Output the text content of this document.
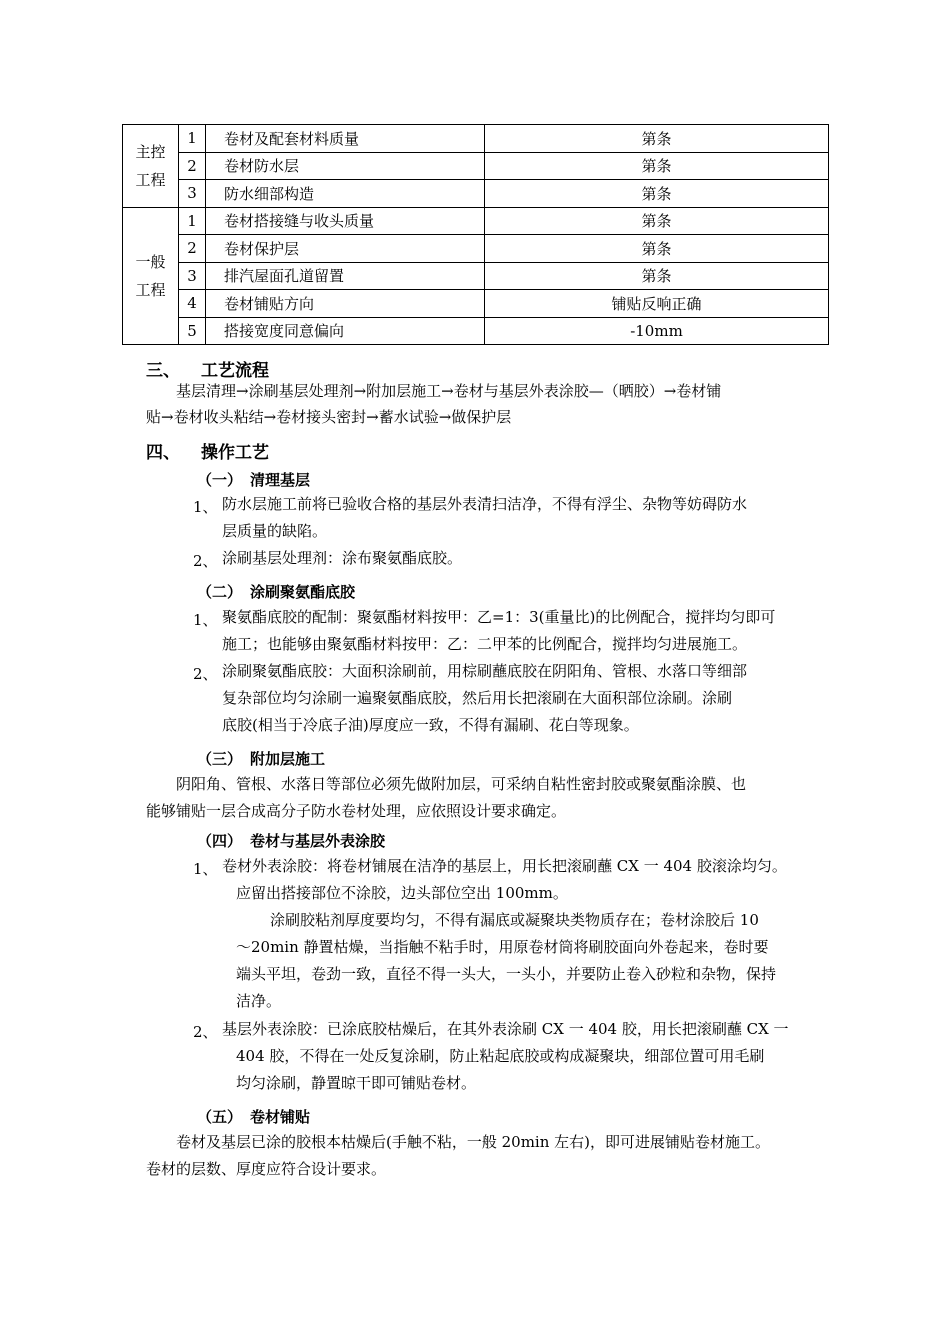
主控
工程	1	卷材及配套材料质量	第条
	2	卷材防水层	第条
	3	防水细部构造	第条
一般
工程	1	卷材搭接缝与收头质量	第条
	2	卷材保护层	第条
	3	排汽屋面孔道留置	第条
	4	卷材铺贴方向	铺贴反响正确
	5	搭接宽度同意偏向	-10mm
三、 工艺流程
基层清理→涂刷基层处理剂→附加层施工→卷材与基层外表涂胶—（晒胶）→卷材铺
贴→卷材收头粘结→卷材接头密封→蓄水试验→做保护层
四、 操作工艺
（一） 清理基层
1、 防水层施工前将已验收合格的基层外表清扫洁净，不得有浮尘、杂物等妨碍防水
层质量的缺陷。
2、 涂刷基层处理剂：涂布聚氨酯底胶。
（二） 涂刷聚氨酯底胶
1、 聚氨酯底胶的配制：聚氨酯材料按甲：乙=1：3(重量比)的比例配合，搅拌均匀即可
施工；也能够由聚氨酯材料按甲：乙：二甲苯的比例配合，搅拌均匀进展施工。
2、 涂刷聚氨酯底胶：大面积涂刷前，用棕刷蘸底胶在阴阳角、管根、水落口等细部
复杂部位均匀涂刷一遍聚氨酯底胶，然后用长把滚刷在大面积部位涂刷。涂刷
底胶(相当于冷底子油)厚度应一致，不得有漏刷、花白等现象。
（三） 附加层施工
阴阳角、管根、水落日等部位必须先做附加层，可采纳自粘性密封胶或聚氨酯涂膜、也
能够铺贴一层合成高分子防水卷材处理，应依照设计要求确定。
（四） 卷材与基层外表涂胶
1、 卷材外表涂胶：将卷材铺展在洁净的基层上，用长把滚刷蘸 CX 一 404 胶滚涂均匀。
应留出搭接部位不涂胶，边头部位空出 100mm。
涂刷胶粘剂厚度要均匀，不得有漏底或凝聚块类物质存在；卷材涂胶后 10
～20min 静置枯燥，当指触不粘手时，用原卷材筒将刷胶面向外卷起来，卷时要
端头平坦，卷劲一致，直径不得一头大，一头小，并要防止卷入砂粒和杂物，保持
洁净。
2、 基层外表涂胶：已涂底胶枯燥后，在其外表涂刷 CX 一 404 胶，用长把滚刷蘸 CX 一
404 胶，不得在一处反复涂刷，防止粘起底胶或构成凝聚块，细部位置可用毛刷
均匀涂刷，静置晾干即可铺贴卷材。
（五） 卷材铺贴
卷材及基层已涂的胶根本枯燥后(手触不粘，一般 20min 左右)，即可进展铺贴卷材施工。
卷材的层数、厚度应符合设计要求。
